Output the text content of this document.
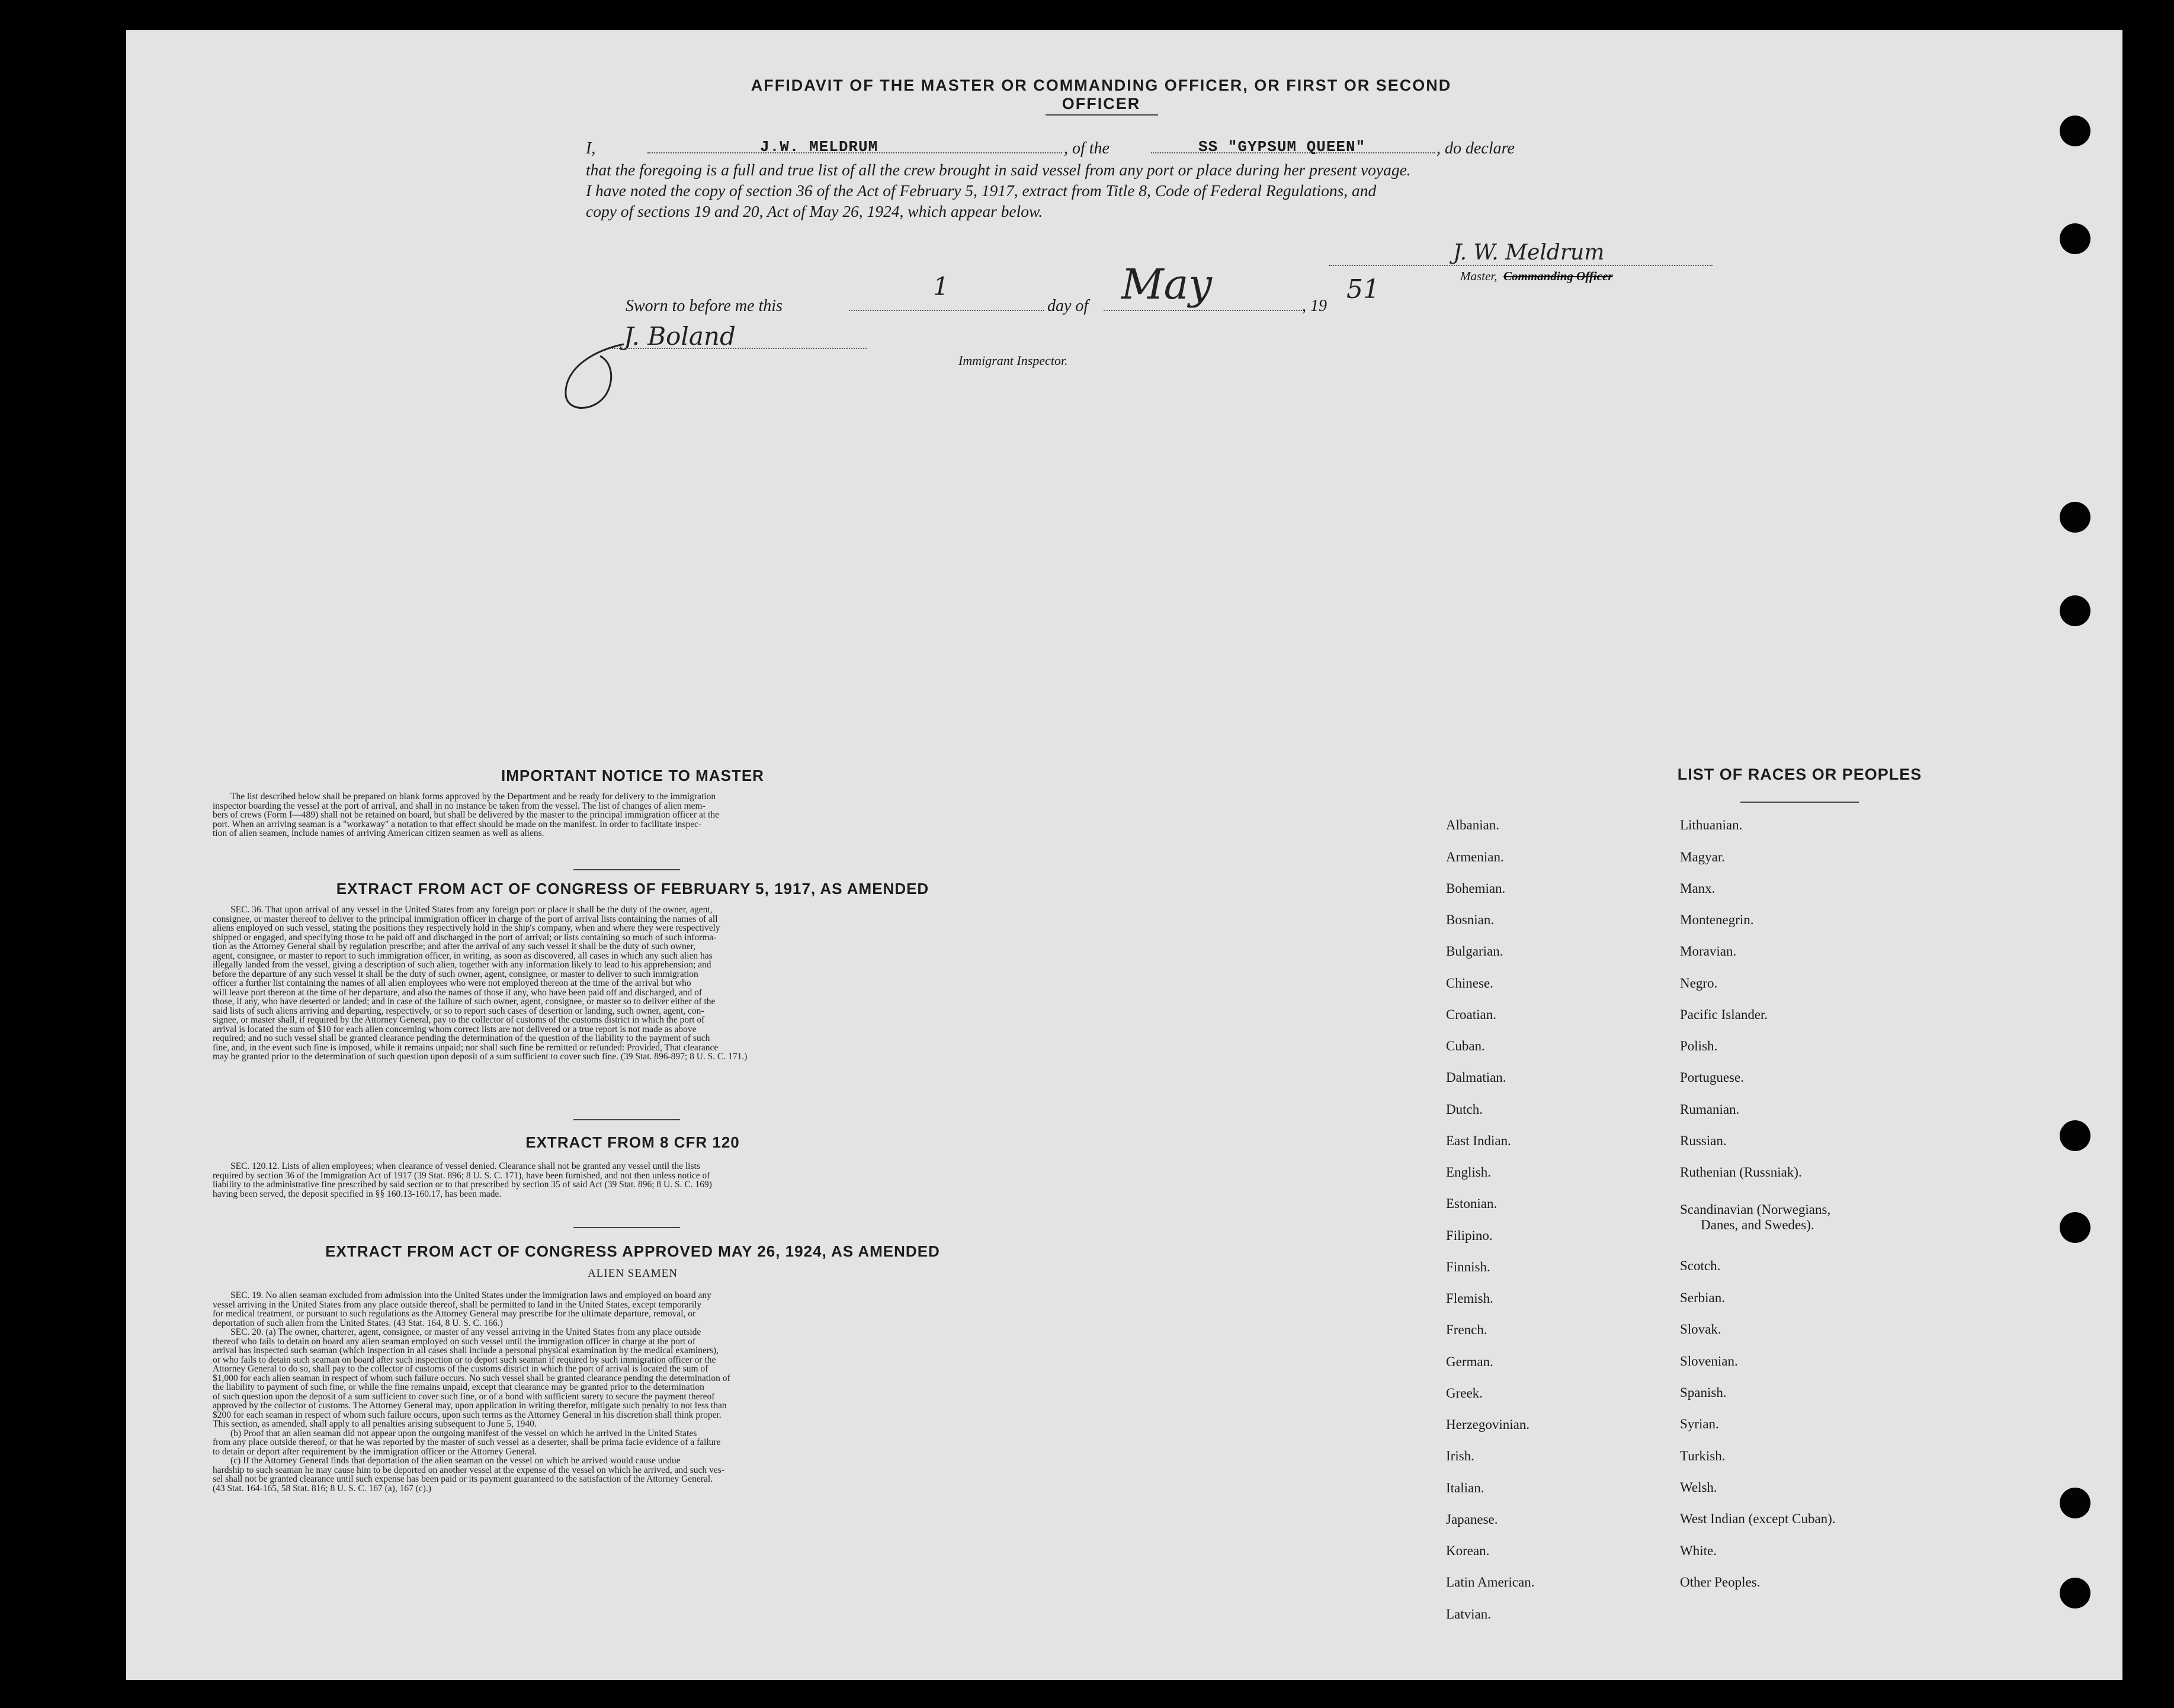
AFFIDAVIT OF THE MASTER OR COMMANDING OFFICER, OR FIRST OR SECOND OFFICER
I,	J.W. MELDRUM	, of the	SS "GYPSUM QUEEN"	, do declare
that the foregoing is a full and true list of all the crew brought in said vessel from any port or place during her present voyage.
I have noted the copy of section 36 of the Act of February 5, 1917, extract from Title 8, Code of Federal Regulations, and
copy of sections 19 and 20, Act of May 26, 1924, which appear below.
J. W. Meldrum
Master, Commanding Officer
Sworn to before me this
1
day of May	, 19
51
J. Boland
Immigrant Inspector.
IMPORTANT NOTICE TO MASTER
The list described below shall be prepared on blank forms approved by the Department and be ready for delivery to the immigration
inspector boarding the vessel at the port of arrival, and shall in no instance be taken from the vessel. The list of changes of alien mem-
bers of crews (Form I—489) shall not be retained on board, but shall be delivered by the master to the principal immigration officer at the
port. When an arriving seaman is a "workaway" a notation to that effect should be made on the manifest. In order to facilitate inspec-
tion of alien seamen, include names of arriving American citizen seamen as well as aliens.
EXTRACT FROM ACT OF CONGRESS OF FEBRUARY 5, 1917, AS AMENDED
SEC. 36. That upon arrival of any vessel in the United States from any foreign port or place it shall be the duty of the owner, agent,
consignee, or master thereof to deliver to the principal immigration officer in charge of the port of arrival lists containing the names of all
aliens employed on such vessel, stating the positions they respectively hold in the ship's company, when and where they were respectively
shipped or engaged, and specifying those to be paid off and discharged in the port of arrival; or lists containing so much of such informa-
tion as the Attorney General shall by regulation prescribe; and after the arrival of any such vessel it shall be the duty of such owner,
agent, consignee, or master to report to such immigration officer, in writing, as soon as discovered, all cases in which any such alien has
illegally landed from the vessel, giving a description of such alien, together with any information likely to lead to his apprehension; and
before the departure of any such vessel it shall be the duty of such owner, agent, consignee, or master to deliver to such immigration
officer a further list containing the names of all alien employees who were not employed thereon at the time of the arrival but who
will leave port thereon at the time of her departure, and also the names of those if any, who have been paid off and discharged, and of
those, if any, who have deserted or landed; and in case of the failure of such owner, agent, consignee, or master so to deliver either of the
said lists of such aliens arriving and departing, respectively, or so to report such cases of desertion or landing, such owner, agent, con-
signee, or master shall, if required by the Attorney General, pay to the collector of customs of the customs district in which the port of
arrival is located the sum of $10 for each alien concerning whom correct lists are not delivered or a true report is not made as above
required; and no such vessel shall be granted clearance pending the determination of the question of the liability to the payment of such
fine, and, in the event such fine is imposed, while it remains unpaid; nor shall such fine be remitted or refunded: Provided, That clearance
may be granted prior to the determination of such question upon deposit of a sum sufficient to cover such fine. (39 Stat. 896-897; 8 U. S. C. 171.)
EXTRACT FROM 8 CFR 120
SEC. 120.12. Lists of alien employees; when clearance of vessel denied. Clearance shall not be granted any vessel until the lists
required by section 36 of the Immigration Act of 1917 (39 Stat. 896; 8 U. S. C. 171), have been furnished, and not then unless notice of
liability to the administrative fine prescribed by said section or to that prescribed by section 35 of said Act (39 Stat. 896; 8 U. S. C. 169)
having been served, the deposit specified in §§ 160.13-160.17, has been made.
EXTRACT FROM ACT OF CONGRESS APPROVED MAY 26, 1924, AS AMENDED
ALIEN SEAMEN
SEC. 19. No alien seaman excluded from admission into the United States under the immigration laws and employed on board any
vessel arriving in the United States from any place outside thereof, shall be permitted to land in the United States, except temporarily
for medical treatment, or pursuant to such regulations as the Attorney General may prescribe for the ultimate departure, removal, or
deportation of such alien from the United States. (43 Stat. 164, 8 U. S. C. 166.)
SEC. 20. (a) The owner, charterer, agent, consignee, or master of any vessel arriving in the United States from any place outside
thereof who fails to detain on board any alien seaman employed on such vessel until the immigration officer in charge at the port of
arrival has inspected such seaman (which inspection in all cases shall include a personal physical examination by the medical examiners),
or who fails to detain such seaman on board after such inspection or to deport such seaman if required by such immigration officer or the
Attorney General to do so, shall pay to the collector of customs of the customs district in which the port of arrival is located the sum of
$1,000 for each alien seaman in respect of whom such failure occurs. No such vessel shall be granted clearance pending the determination of
the liability to payment of such fine, or while the fine remains unpaid, except that clearance may be granted prior to the determination
of such question upon the deposit of a sum sufficient to cover such fine, or of a bond with sufficient surety to secure the payment thereof
approved by the collector of customs. The Attorney General may, upon application in writing therefor, mitigate such penalty to not less than
$200 for each seaman in respect of whom such failure occurs, upon such terms as the Attorney General in his discretion shall think proper.
This section, as amended, shall apply to all penalties arising subsequent to June 5, 1940.
(b) Proof that an alien seaman did not appear upon the outgoing manifest of the vessel on which he arrived in the United States
from any place outside thereof, or that he was reported by the master of such vessel as a deserter, shall be prima facie evidence of a failure
to detain or deport after requirement by the immigration officer or the Attorney General.
(c) If the Attorney General finds that deportation of the alien seaman on the vessel on which he arrived would cause undue
hardship to such seaman he may cause him to be deported on another vessel at the expense of the vessel on which he arrived, and such ves-
sel shall not be granted clearance until such expense has been paid or its payment guaranteed to the satisfaction of the Attorney General.
(43 Stat. 164-165, 58 Stat. 816; 8 U. S. C. 167 (a), 167 (c).)
LIST OF RACES OR PEOPLES
Albanian.
Armenian.
Bohemian.
Bosnian.
Bulgarian.
Chinese.
Croatian.
Cuban.
Dalmatian.
Dutch.
East Indian.
English.
Estonian.
Filipino.
Finnish.
Flemish.
French.
German.
Greek.
Herzegovinian.
Irish.
Italian.
Japanese.
Korean.
Latin American.
Latvian.
Lithuanian.
Magyar.
Manx.
Montenegrin.
Moravian.
Negro.
Pacific Islander.
Polish.
Portuguese.
Rumanian.
Russian.
Ruthenian (Russniak).
Scandinavian (Norwegians,
Danes, and Swedes).
Scotch.
Serbian.
Slovak.
Slovenian.
Spanish.
Syrian.
Turkish.
Welsh.
West Indian (except Cuban).
White.
Other Peoples.
